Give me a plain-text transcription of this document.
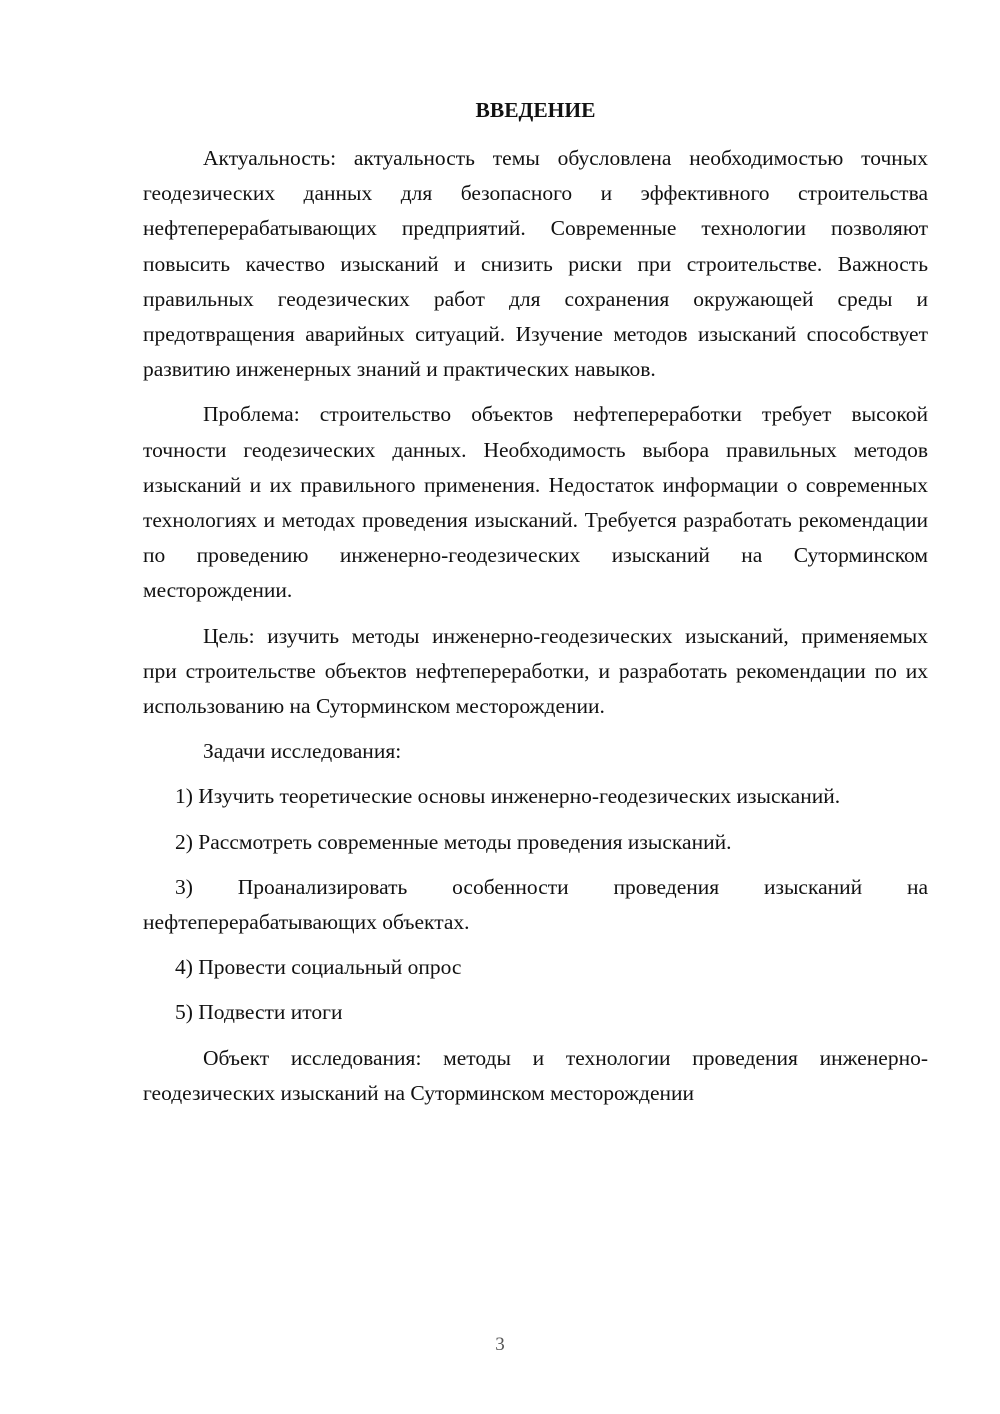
ВВЕДЕНИЕ

Актуальность: актуальность темы обусловлена необходимостью точных геодезических данных для безопасного и эффективного строительства нефтеперерабатывающих предприятий. Современные технологии позволяют повысить качество изысканий и снизить риски при строительстве. Важность правильных геодезических работ для сохранения окружающей среды и предотвращения аварийных ситуаций. Изучение методов изысканий способствует развитию инженерных знаний и практических навыков.

Проблема: строительство объектов нефтепереработки требует высокой точности геодезических данных. Необходимость выбора правильных методов изысканий и их правильного применения. Недостаток информации о современных технологиях и методах проведения изысканий. Требуется разработать рекомендации по проведению инженерно-геодезических изысканий на Суторминском месторождении.

Цель: изучить методы инженерно-геодезических изысканий, применяемых при строительстве объектов нефтепереработки, и разработать рекомендации по их использованию на Суторминском месторождении.

Задачи исследования:

1) Изучить теоретические основы инженерно-геодезических изысканий.

2) Рассмотреть современные методы проведения изысканий.

3) Проанализировать особенности проведения изысканий на нефтеперерабатывающих объектах.

4) Провести социальный опрос

5) Подвести итоги

Объект исследования: методы и технологии проведения инженерно-геодезических изысканий на Суторминском месторождении

3
